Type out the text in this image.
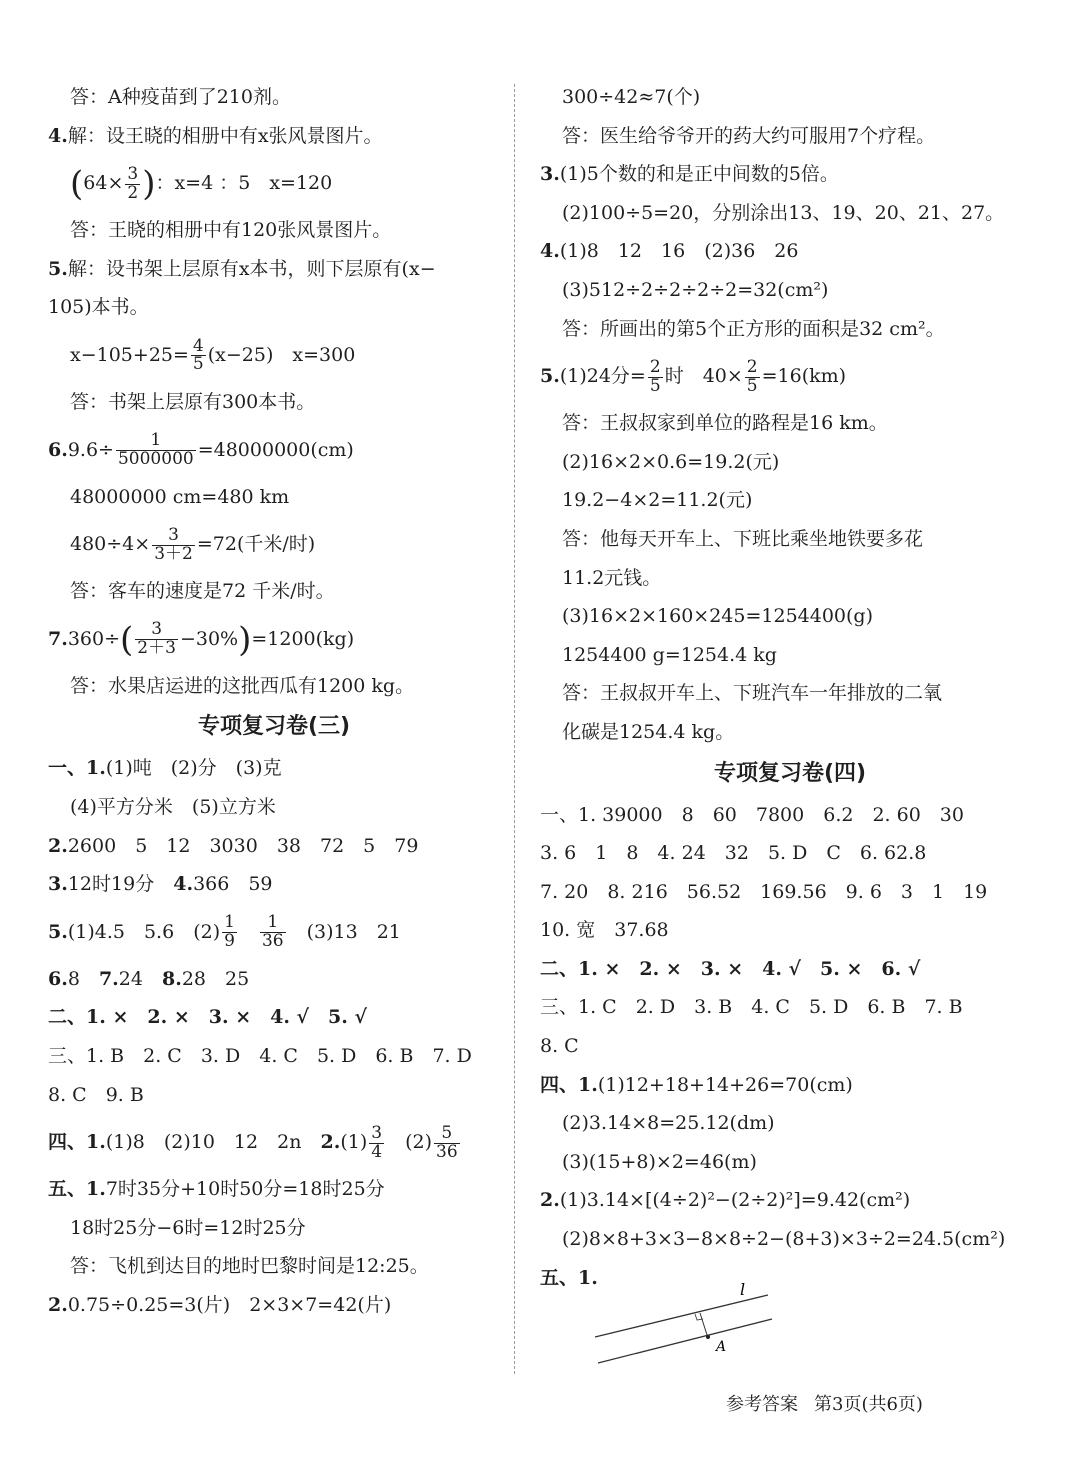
答：A种疫苗到了210剂。
4.解：设王晓的相册中有x张风景图片。
($64\times \frac{3}{2}$ )：x=4 ：5　x=120
答：王晓的相册中有120张风景图片。
5.解：设书架上层原有x本书，则下层原有(x−
105)本书。
$x-105+25= \frac{4}{5} (x-25)$　x=300
答：书架上层原有300本书。
$6.9.6\div \frac{1}{5000000} =48000000(cm)$
48000000 cm=480 km
$480\div 4\times \frac{3}{3+2} =72$(千米/时)
答：客车的速度是72 千米/时。
$7.360\div( \frac{3}{2+3} -30\%)=1200(kg)$
答：水果店运进的这批西瓜有1200 kg。
专项复习卷(三)
一、1.(1)吨　(2)分　(3)克
(4)平方分米　(5)立方米
2.2600　5　12　3030　38　72　5　79
3.12时19分　 4.366　59
5.(1)4.5　5.6　$(2) \frac{1}{9}$
　 $\frac{1}{36}$
　 (3)13　21
6.8　 7.24　 8.28　25
二、1. ×　2. ×　3. ×　4. √　5. √
三、1. B　2. C　3. D　4. C　5. D　6. B　7. D
8. C　9. B
四、1.(1)8　(2)10　12　2n　 $2.(1) \frac{3}{4}$
　 $(2) \frac{5}{36}$
五、1.7时35分+10时50分=18时25分
18时25分−6时=12时25分
答：飞机到达目的地时巴黎时间是12:25。
2.0.75÷0.25=3(片)　2×3×7=42(片)
300÷42≈7(个)
答：医生给爷爷开的药大约可服用7个疗程。
3.(1)5个数的和是正中间数的5倍。
(2)100÷5=20，分别涂出13、19、20、21、27。
4.(1)8　12　16　(2)36　26
(3)512÷2÷2÷2÷2=32(cm²)
答：所画出的第5个正方形的面积是32 cm²。
5.(1)24分= $\frac{2}{5}$ 时　$40\times \frac{2}{5} =16(km)$
答：王叔叔家到单位的路程是16 km。
(2)16×2×0.6=19.2(元)
19.2−4×2=11.2(元)
答：他每天开车上、下班比乘坐地铁要多花
11.2元钱。
(3)16×2×160×245=1254400(g)
1254400 g=1254.4 kg
答：王叔叔开车上、下班汽车一年排放的二氧
化碳是1254.4 kg。
专项复习卷(四)
一、1. 39000　8　60　7800　6.2　2. 60　30
3. 6　1　8　4. 24　32　5. D　C　6. 62.8
7. 20　8. 216　56.52　169.56　9. 6　3　1　19
10. 宽　37.68
二、1. ×　2. ×　3. ×　4. √　5. ×　6. √
三、1. C　2. D　3. B　4. C　5. D　6. B　7. B
8. C
四、1.(1)12+18+14+26=70(cm)
(2)3.14×8=25.12(dm)
(3)(15+8)×2=46(m)
2.(1)3.14×[(4÷2)²−(2÷2)²]=9.42(cm²)
(2)8×8+3×3−8×8÷2−(8+3)×3÷2=24.5(cm²)
五、1.
l
A
参考答案 第3页(共6页)
